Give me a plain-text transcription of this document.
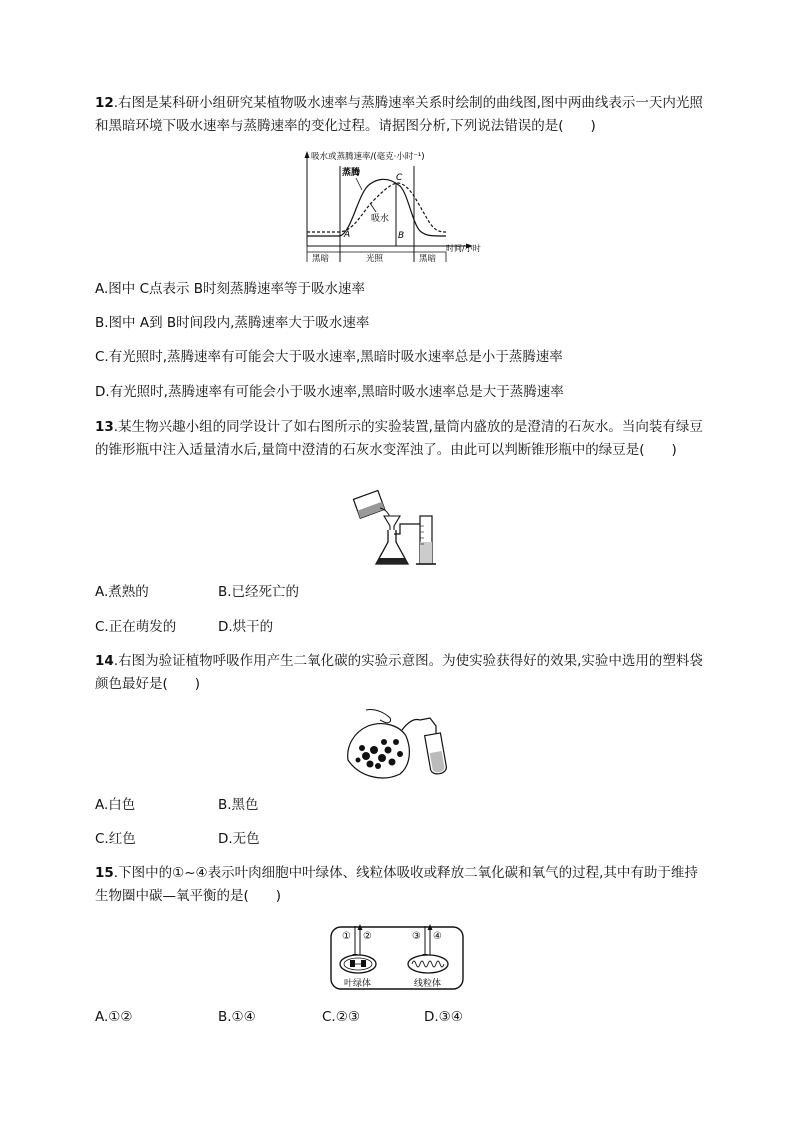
12.右图是某科研小组研究某植物吸水速率与蒸腾速率关系时绘制的曲线图,图中两曲线表示一天内光照和黑暗环境下吸水速率与蒸腾速率的变化过程。请据图分析,下列说法错误的是(　　)
吸水或蒸腾速率/(毫克·小时⁻¹)
时间/小时
黑暗	光照	黑暗
蒸腾
吸水
A	B
C
A.图中 C点表示 B时刻蒸腾速率等于吸水速率
B.图中 A到 B时间段内,蒸腾速率大于吸水速率
C.有光照时,蒸腾速率有可能会大于吸水速率,黑暗时吸水速率总是小于蒸腾速率
D.有光照时,蒸腾速率有可能会小于吸水速率,黑暗时吸水速率总是大于蒸腾速率
13.某生物兴趣小组的同学设计了如右图所示的实验装置,量筒内盛放的是澄清的石灰水。当向装有绿豆的锥形瓶中注入适量清水后,量筒中澄清的石灰水变浑浊了。由此可以判断锥形瓶中的绿豆是(　　)
A.煮熟的	B.已经死亡的
C.正在萌发的	D.烘干的
14.右图为验证植物呼吸作用产生二氧化碳的实验示意图。为使实验获得好的效果,实验中选用的塑料袋颜色最好是(　　)
A.白色	B.黑色
C.红色	D.无色
15.下图中的①~④表示叶肉细胞中叶绿体、线粒体吸收或释放二氧化碳和氧气的过程,其中有助于维持生物圈中碳—氧平衡的是(　　)
① ②	③ ④
叶绿体	线粒体
A.①②	B.①④	C.②③	D.③④
